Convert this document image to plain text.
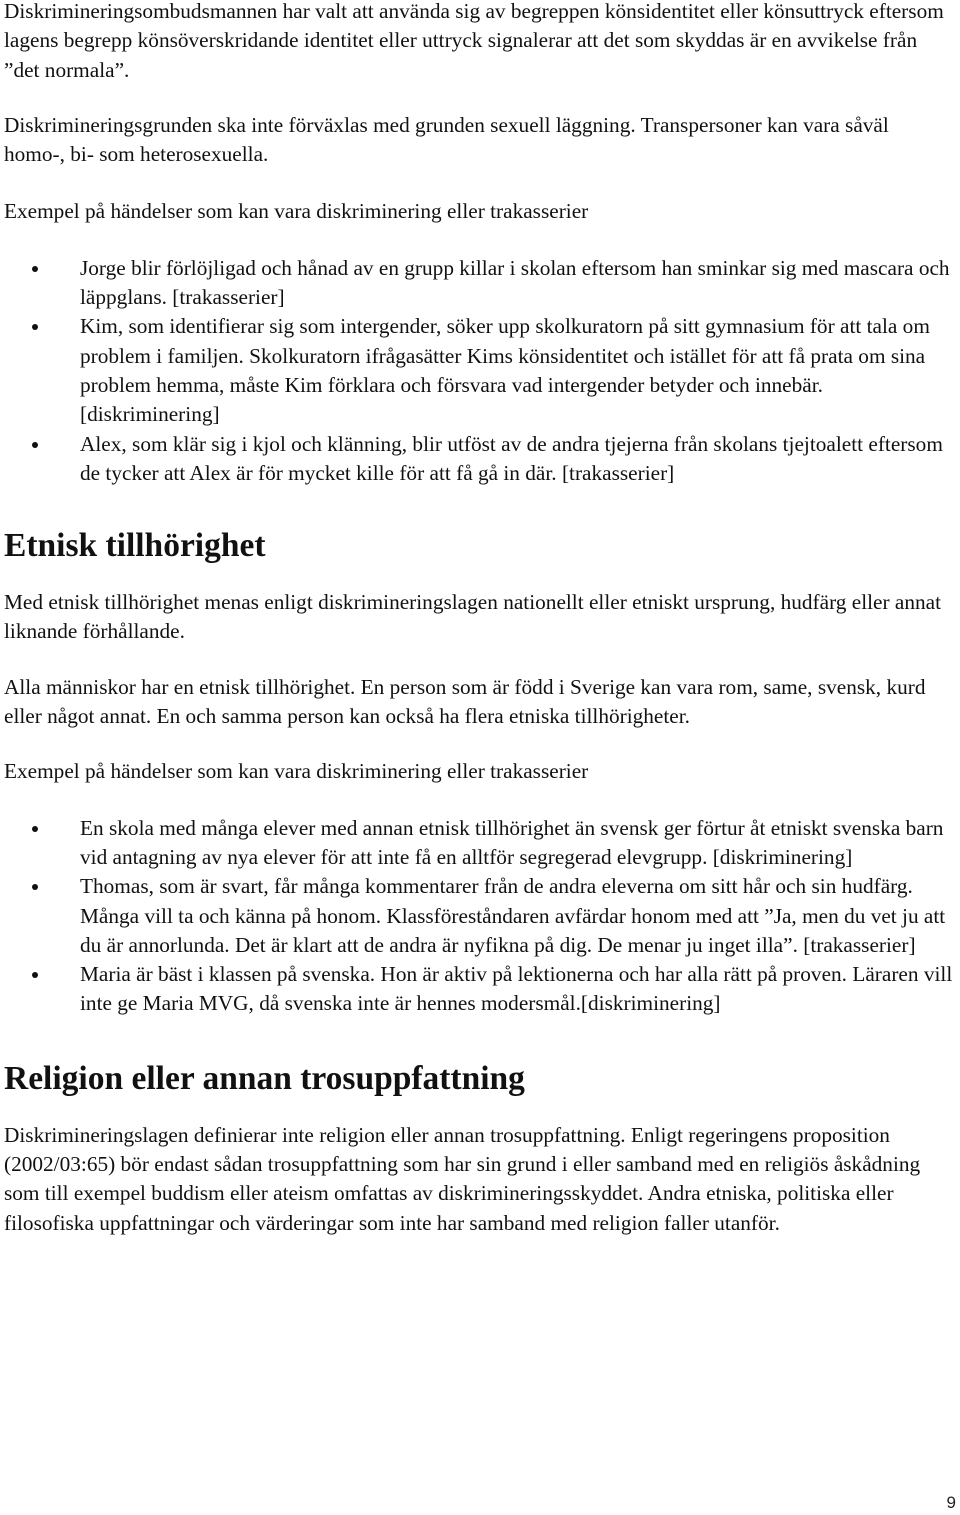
Diskrimineringsombudsmannen har valt att använda sig av begreppen könsidentitet eller könsuttryck eftersom lagens begrepp könsöverskridande identitet eller uttryck signalerar att det som skyddas är en avvikelse från ”det normala”.

Diskrimineringsgrunden ska inte förväxlas med grunden sexuell läggning. Transpersoner kan vara såväl homo-, bi- som heterosexuella.

Exempel på händelser som kan vara diskriminering eller trakasserier

Jorge blir förlöjligad och hånad av en grupp killar i skolan eftersom han sminkar sig med mascara och läppglans. [trakasserier]
Kim, som identifierar sig som intergender, söker upp skolkuratorn på sitt gymnasium för att tala om problem i familjen. Skolkuratorn ifrågasätter Kims könsidentitet och istället för att få prata om sina problem hemma, måste Kim förklara och försvara vad intergender betyder och innebär. [diskriminering]
Alex, som klär sig i kjol och klänning, blir utföst av de andra tjejerna från skolans tjejtoalett eftersom de tycker att Alex är för mycket kille för att få gå in där. [trakasserier]
Etnisk tillhörighet

Med etnisk tillhörighet menas enligt diskrimineringslagen nationellt eller etniskt ursprung, hudfärg eller annat liknande förhållande.

Alla människor har en etnisk tillhörighet. En person som är född i Sverige kan vara rom, same, svensk, kurd eller något annat. En och samma person kan också ha flera etniska tillhörigheter.

Exempel på händelser som kan vara diskriminering eller trakasserier

En skola med många elever med annan etnisk tillhörighet än svensk ger förtur åt etniskt svenska barn vid antagning av nya elever för att inte få en alltför segregerad elevgrupp. [diskriminering]
Thomas, som är svart, får många kommentarer från de andra eleverna om sitt hår och sin hudfärg. Många vill ta och känna på honom. Klassföreståndaren avfärdar honom med att ”Ja, men du vet ju att du är annorlunda. Det är klart att de andra är nyfikna på dig. De menar ju inget illa”. [trakasserier]
Maria är bäst i klassen på svenska. Hon är aktiv på lektionerna och har alla rätt på proven. Läraren vill inte ge Maria MVG, då svenska inte är hennes modersmål.[diskriminering]
Religion eller annan trosuppfattning

Diskrimineringslagen definierar inte religion eller annan trosuppfattning. Enligt regeringens proposition (2002/03:65) bör endast sådan trosuppfattning som har sin grund i eller samband med en religiös åskådning som till exempel buddism eller ateism omfattas av diskrimineringsskyddet. Andra etniska, politiska eller filosofiska uppfattningar och värderingar som inte har samband med religion faller utanför.

9
